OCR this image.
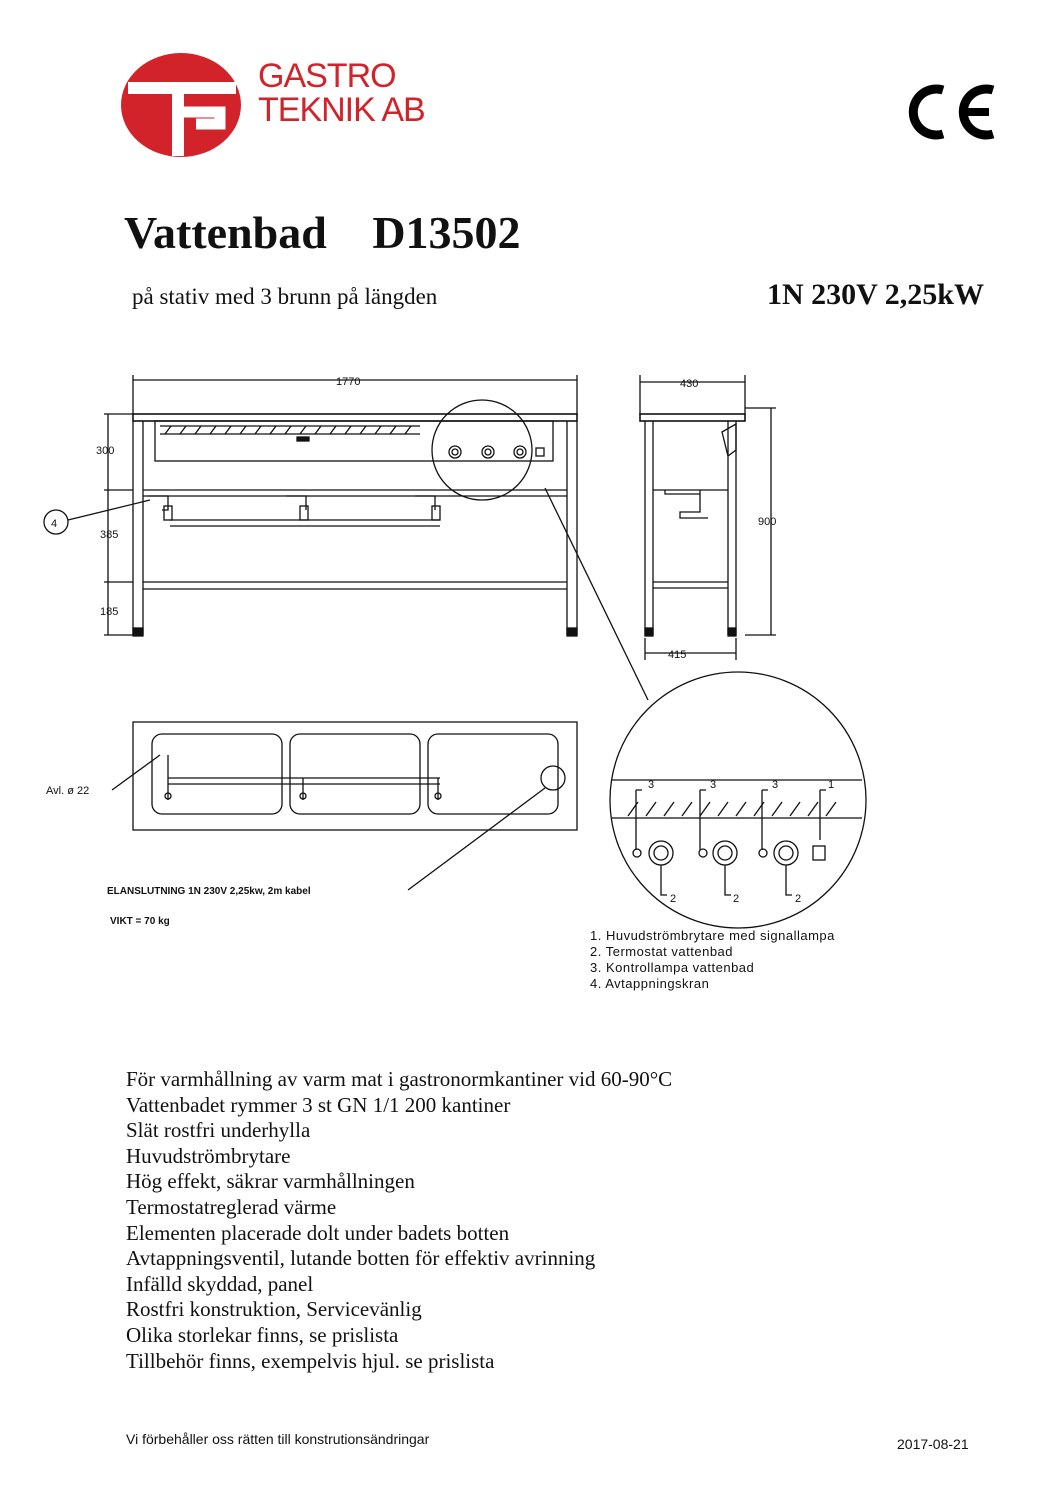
GASTRO
TEKNIK AB
Vattenbad D13502
på stativ med 3 brunn på längden	1N 230V 2,25kW
1770
300
385
185
4
430
900
415
Avl. ø 22	3	3	3	1
2	2	2
ELANSLUTNING 1N 230V 2,25kw, 2m kabel
VIKT = 70 kg
1. Huvudströmbrytare med signallampa
2. Termostat vattenbad
3. Kontrollampa vattenbad
4. Avtappningskran
För varmhållning av varm mat i gastronormkantiner vid 60-90°C
Vattenbadet rymmer 3 st GN 1/1 200 kantiner
Slät rostfri underhylla
Huvudströmbrytare
Hög effekt, säkrar varmhållningen
Termostatreglerad värme
Elementen placerade dolt under badets botten
Avtappningsventil, lutande botten för effektiv avrinning
Infälld skyddad, panel
Rostfri konstruktion, Servicevänlig
Olika storlekar finns, se prislista
Tillbehör finns, exempelvis hjul. se prislista
Vi förbehåller oss rätten till konstrutionsändringar	2017-08-21
